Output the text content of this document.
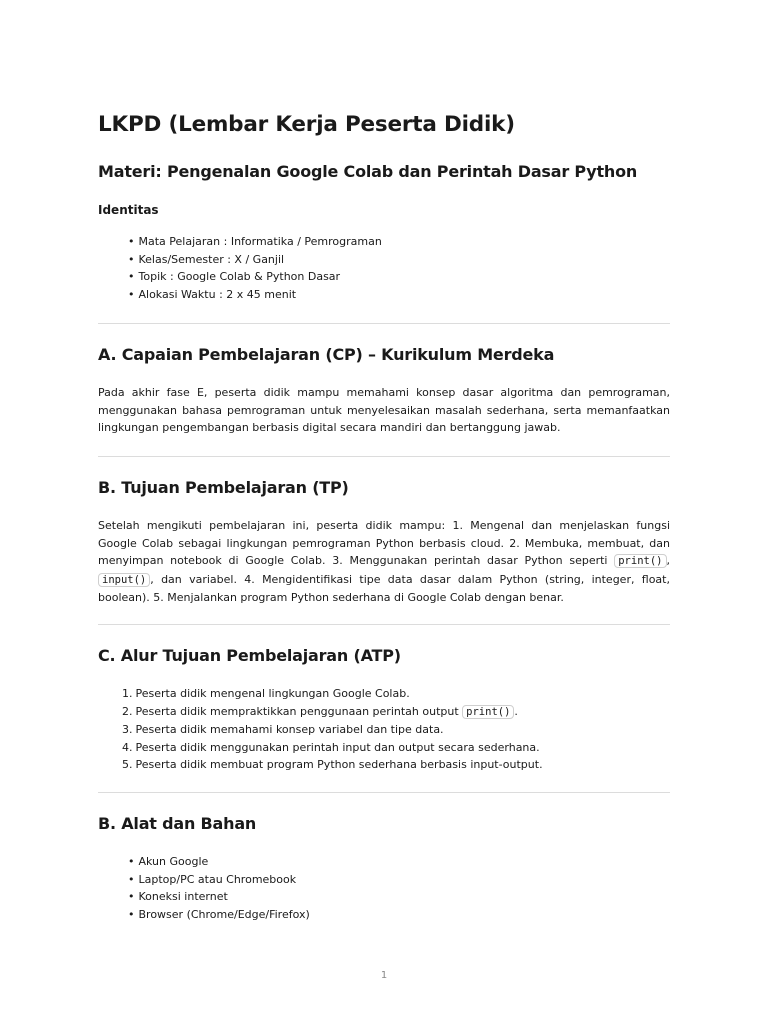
LKPD (Lembar Kerja Peserta Didik)
Materi: Pengenalan Google Colab dan Perintah Dasar Python
Identitas
• Mata Pelajaran : Informatika / Pemrograman
• Kelas/Semester : X / Ganjil
• Topik : Google Colab & Python Dasar
• Alokasi Waktu : 2 x 45 menit
A. Capaian Pembelajaran (CP) – Kurikulum Merdeka

Pada akhir fase E, peserta didik mampu memahami konsep dasar algoritma dan pemrograman, menggunakan bahasa pemrograman untuk menyelesaikan masalah sederhana, serta memanfaatkan lingkungan pengembangan berbasis digital secara mandiri dan bertanggung jawab.

B. Tujuan Pembelajaran (TP)

Setelah mengikuti pembelajaran ini, peserta didik mampu: 1. Mengenal dan menjelaskan fungsi Google Colab sebagai lingkungan pemrograman Python berbasis cloud. 2. Membuka, membuat, dan menyimpan notebook di Google Colab. 3. Menggunakan perintah dasar Python seperti print() , input() , dan variabel. 4. Mengidentifikasi tipe data dasar dalam Python (string, integer, float, boolean). 5. Menjalankan program Python sederhana di Google Colab dengan benar.

C. Alur Tujuan Pembelajaran (ATP)
1. Peserta didik mengenal lingkungan Google Colab.
2. Peserta didik mempraktikkan penggunaan perintah output print() .
3. Peserta didik memahami konsep variabel dan tipe data.
4. Peserta didik menggunakan perintah input dan output secara sederhana.
5. Peserta didik membuat program Python sederhana berbasis input-output.
B. Alat dan Bahan
• Akun Google
• Laptop/PC atau Chromebook
• Koneksi internet
• Browser (Chrome/Edge/Firefox)
1
